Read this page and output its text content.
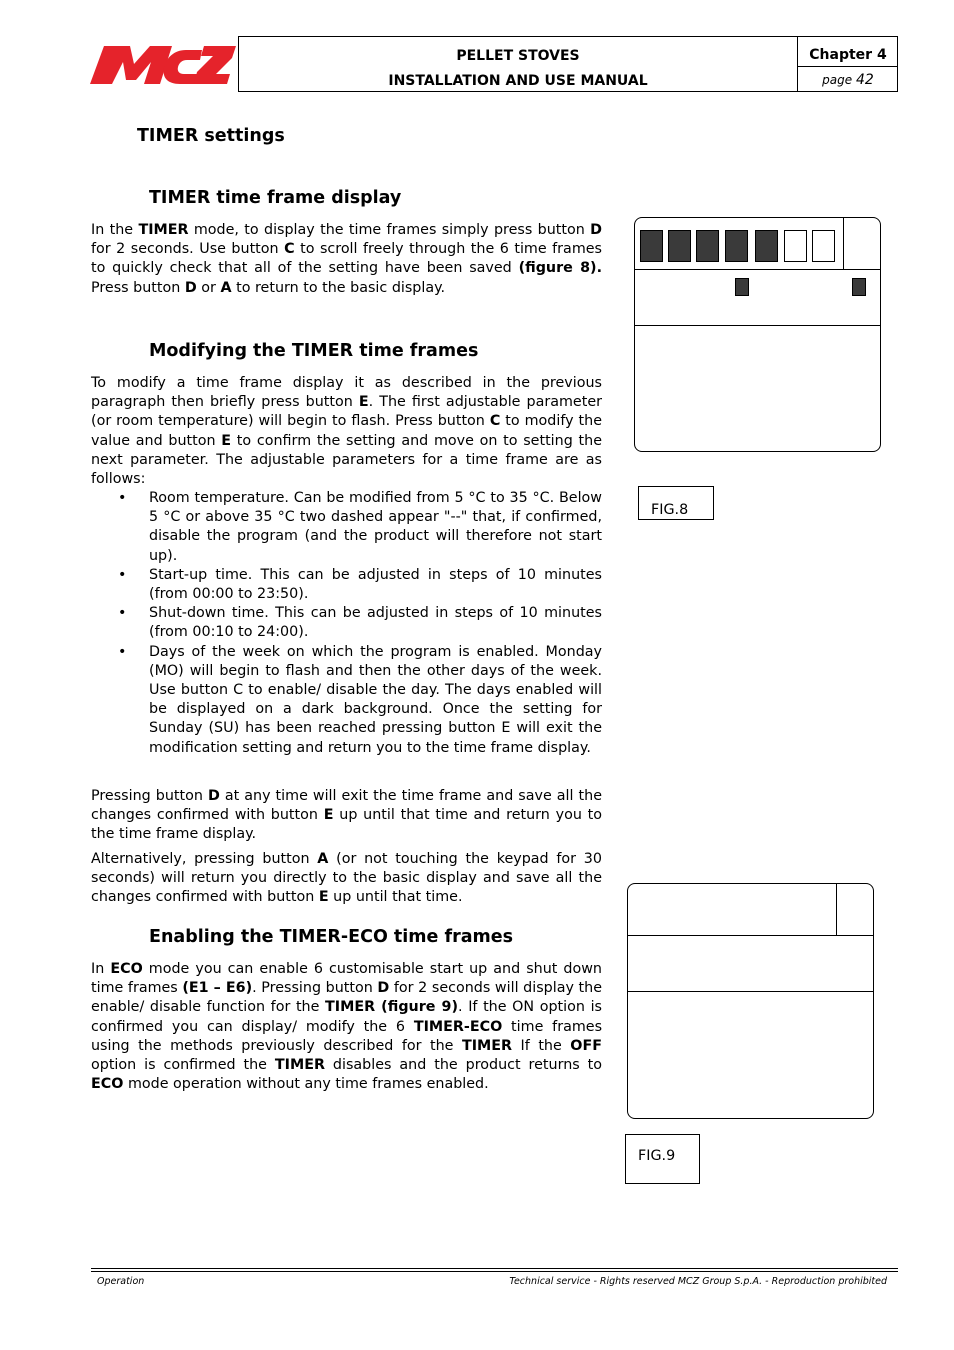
PELLET STOVES
INSTALLATION AND USE MANUAL
Chapter 4
page 42
TIMER settings
TIMER time frame display

In the TIMER mode, to display the time frames simply press button D for 2 seconds. Use button C to scroll freely through the 6 time frames to quickly check that all of the setting have been saved (figure 8). Press button D or A to return to the basic display.

Modifying the TIMER time frames

To modify a time frame display it as described in the previous paragraph then briefly press button E. The first adjustable parameter (or room temperature) will begin to flash. Press button C to modify the value and button E to confirm the setting and move on to setting the next parameter. The adjustable parameters for a time frame are as follows:

• Room temperature. Can be modified from 5 °C to 35 °C. Below 5 °C or above 35 °C two dashed appear "--" that, if confirmed, disable the program (and the product will therefore not start up).
• Start-up time. This can be adjusted in steps of 10 minutes (from 00:00 to 23:50).
• Shut-down time. This can be adjusted in steps of 10 minutes (from 00:10 to 24:00).
• Days of the week on which the program is enabled. Monday (MO) will begin to flash and then the other days of the week. Use button C to enable/ disable the day. The days enabled will be displayed on a dark background. Once the setting for Sunday (SU) has been reached pressing button E will exit the modification setting and return you to the time frame display.

Pressing button D at any time will exit the time frame and save all the changes confirmed with button E up until that time and return you to the time frame display.

Alternatively, pressing button A (or not touching the keypad for 30 seconds) will return you directly to the basic display and save all the changes confirmed with button E up until that time.

Enabling the TIMER-ECO time frames

In ECO mode you can enable 6 customisable start up and shut down time frames (E1 – E6). Pressing button D for 2 seconds will display the enable/ disable function for the TIMER (figure 9). If the ON option is confirmed you can display/ modify the 6 TIMER-ECO time frames using the methods previously described for the TIMER If the OFF option is confirmed the TIMER disables and the product returns to ECO mode operation without any time frames enabled.

FIG.8
FIG.9
Operation	Technical service - Rights reserved MCZ Group S.p.A. - Reproduction prohibited
